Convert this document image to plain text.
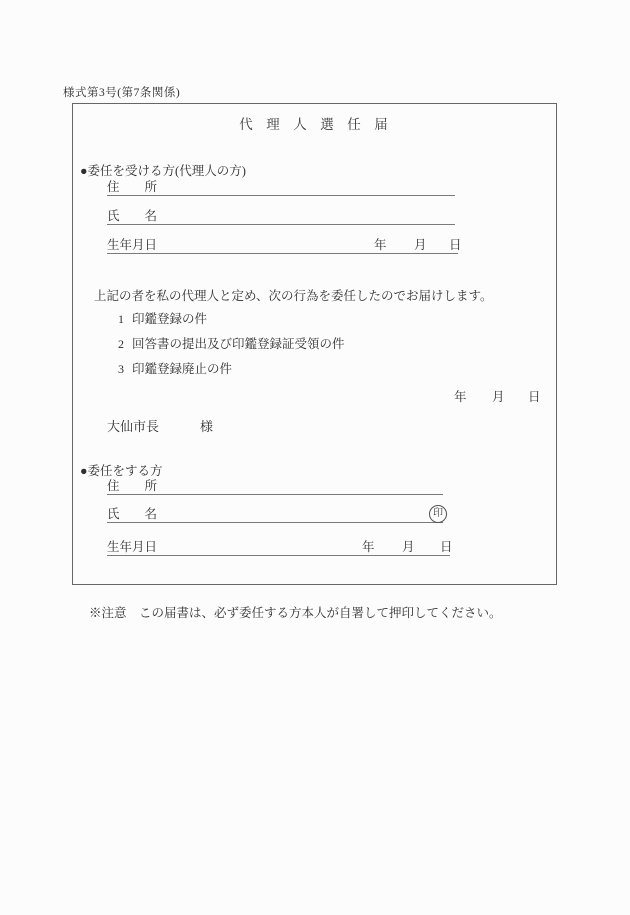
様式第3号(第7条関係)
代　理　人　選　任　届
●委任を受ける方(代理人の方)
住　　所
氏　　名
生年月日	年 月 日
上記の者を私の代理人と定め、次の行為を委任したのでお届けします。
1 印鑑登録の件
2 回答書の提出及び印鑑登録証受領の件
3 印鑑登録廃止の件
年 月 日
大仙市長	様
●委任をする方
住　　所
氏　　名	印
生年月日	年 月 日
※注意　この届書は、必ず委任する方本人が自署して押印してください。
